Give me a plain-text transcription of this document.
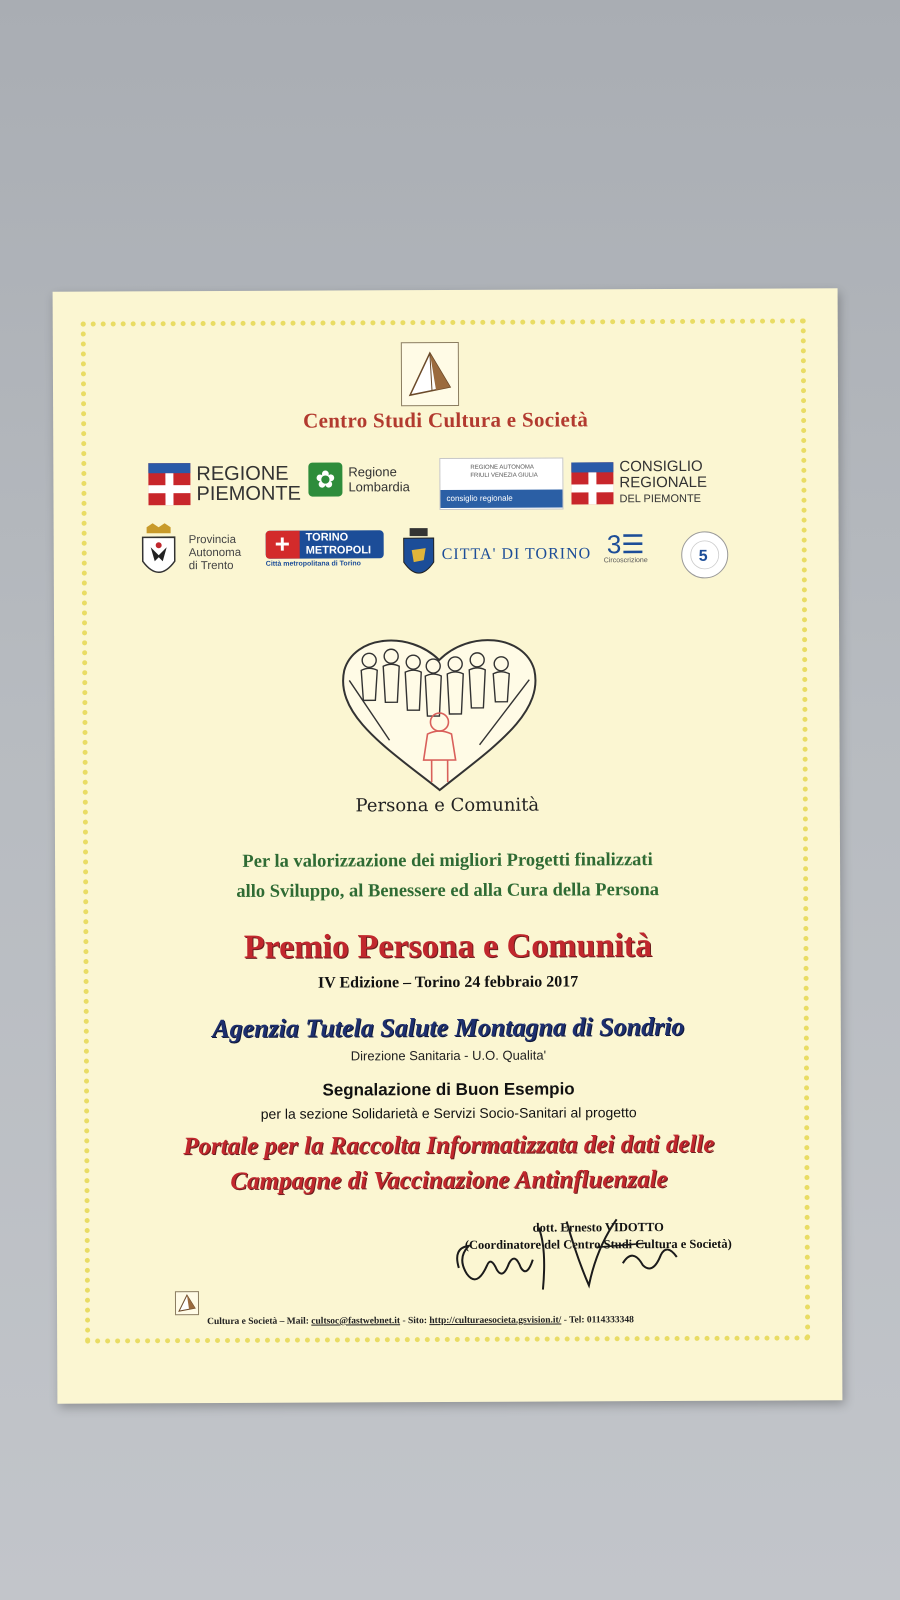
Centro Studi Cultura e Società
REGIONE
PIEMONTE
✿ Regione
Lombardia
REGIONE AUTONOMA
FRIULI VENEZIA GIULIA
consiglio regionale
CONSIGLIO
REGIONALE
DEL PIEMONTE
Provincia
Autonoma
di Trento
+
TORINO
METROPOLI
Città metropolitana di Torino
CITTA' DI TORINO 3☰
Circoscrizione	5
Persona e Comunità
Per la valorizzazione dei migliori Progetti finalizzati
allo Sviluppo, al Benessere ed alla Cura della Persona
Premio Persona e Comunità
IV Edizione – Torino 24 febbraio 2017
Agenzia Tutela Salute Montagna di Sondrio
Direzione Sanitaria - U.O. Qualita'
Segnalazione di Buon Esempio
per la sezione Solidarietà e Servizi Socio-Sanitari al progetto
Portale per la Raccolta Informatizzata dei dati delle
Campagne di Vaccinazione Antinfluenzale
dott. Ernesto VIDOTTO
(Coordinatore del Centro Studi Cultura e Società)
Cultura e Società – Mail: cultsoc@fastwebnet.it - Sito: http://culturaesocieta.gsvision.it/ - Tel: 0114333348
